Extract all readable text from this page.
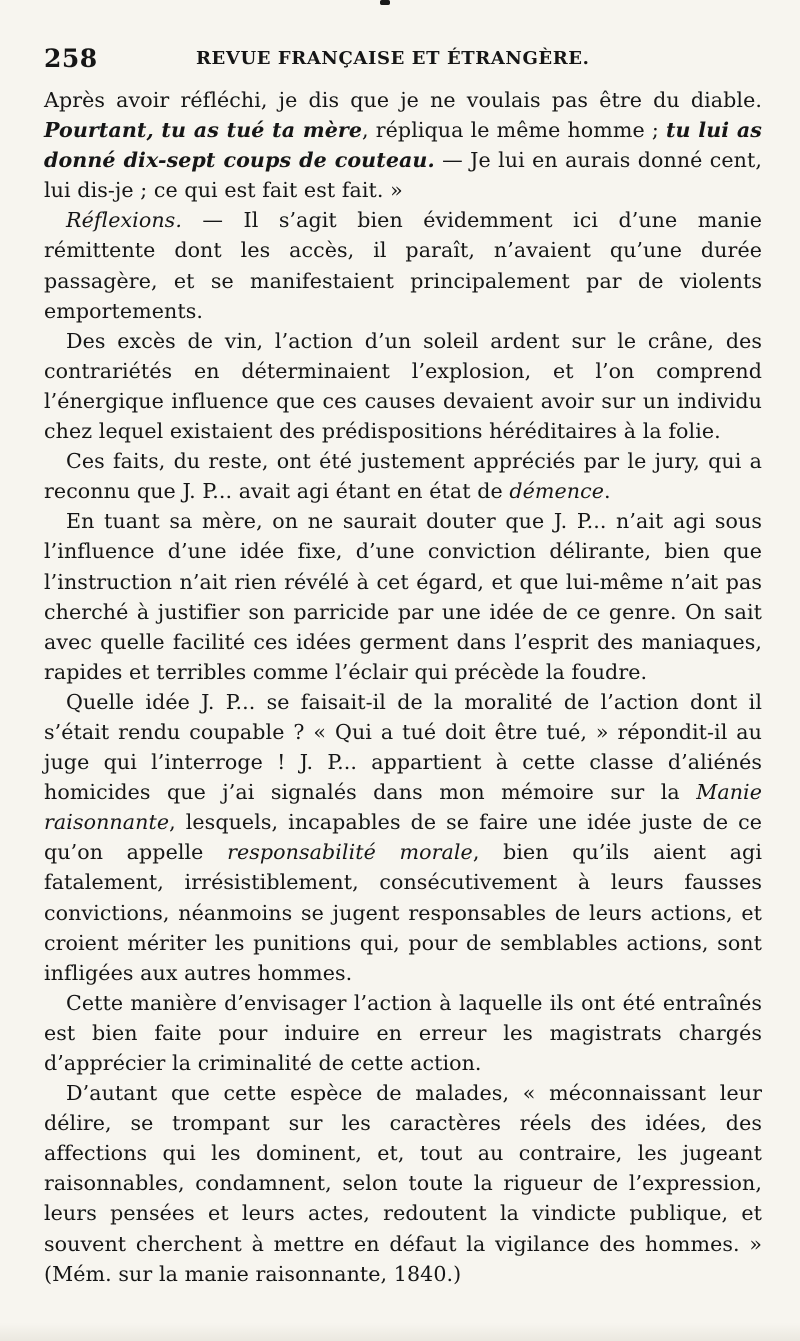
258	REVUE FRANÇAISE ET ÉTRANGÈRE.

Après avoir réfléchi, je dis que je ne voulais pas être du diable. Pourtant, tu as tué ta mère, répliqua le même homme ; tu lui as donné dix-sept coups de couteau. — Je lui en aurais donné cent, lui dis-je ; ce qui est fait est fait. »

Réflexions. — Il s’agit bien évidemment ici d’une manie rémittente dont les accès, il paraît, n’avaient qu’une durée passagère, et se manifestaient principalement par de violents emportements.

Des excès de vin, l’action d’un soleil ardent sur le crâne, des contrariétés en déterminaient l’explosion, et l’on comprend l’énergique influence que ces causes devaient avoir sur un individu chez lequel existaient des prédispositions héréditaires à la folie.

Ces faits, du reste, ont été justement appréciés par le jury, qui a reconnu que J. P... avait agi étant en état de démence.

En tuant sa mère, on ne saurait douter que J. P... n’ait agi sous l’influence d’une idée fixe, d’une conviction délirante, bien que l’instruction n’ait rien révélé à cet égard, et que lui-même n’ait pas cherché à justifier son parricide par une idée de ce genre. On sait avec quelle facilité ces idées germent dans l’esprit des maniaques, rapides et terribles comme l’éclair qui précède la foudre.

Quelle idée J. P... se faisait-il de la moralité de l’action dont il s’était rendu coupable ? « Qui a tué doit être tué, » répondit-il au juge qui l’interroge ! J. P... appartient à cette classe d’aliénés homicides que j’ai signalés dans mon mémoire sur la Manie raisonnante, lesquels, incapables de se faire une idée juste de ce qu’on appelle responsabilité morale, bien qu’ils aient agi fatalement, irrésistiblement, consécutivement à leurs fausses convictions, néanmoins se jugent responsables de leurs actions, et croient mériter les punitions qui, pour de semblables actions, sont infligées aux autres hommes.

Cette manière d’envisager l’action à laquelle ils ont été entraînés est bien faite pour induire en erreur les magistrats chargés d’apprécier la criminalité de cette action.

D’autant que cette espèce de malades, « méconnaissant leur délire, se trompant sur les caractères réels des idées, des affections qui les dominent, et, tout au contraire, les jugeant raisonnables, condamnent, selon toute la rigueur de l’expression, leurs pensées et leurs actes, redoutent la vindicte publique, et souvent cherchent à mettre en défaut la vigilance des hommes. » (Mém. sur la manie raisonnante, 1840.)
